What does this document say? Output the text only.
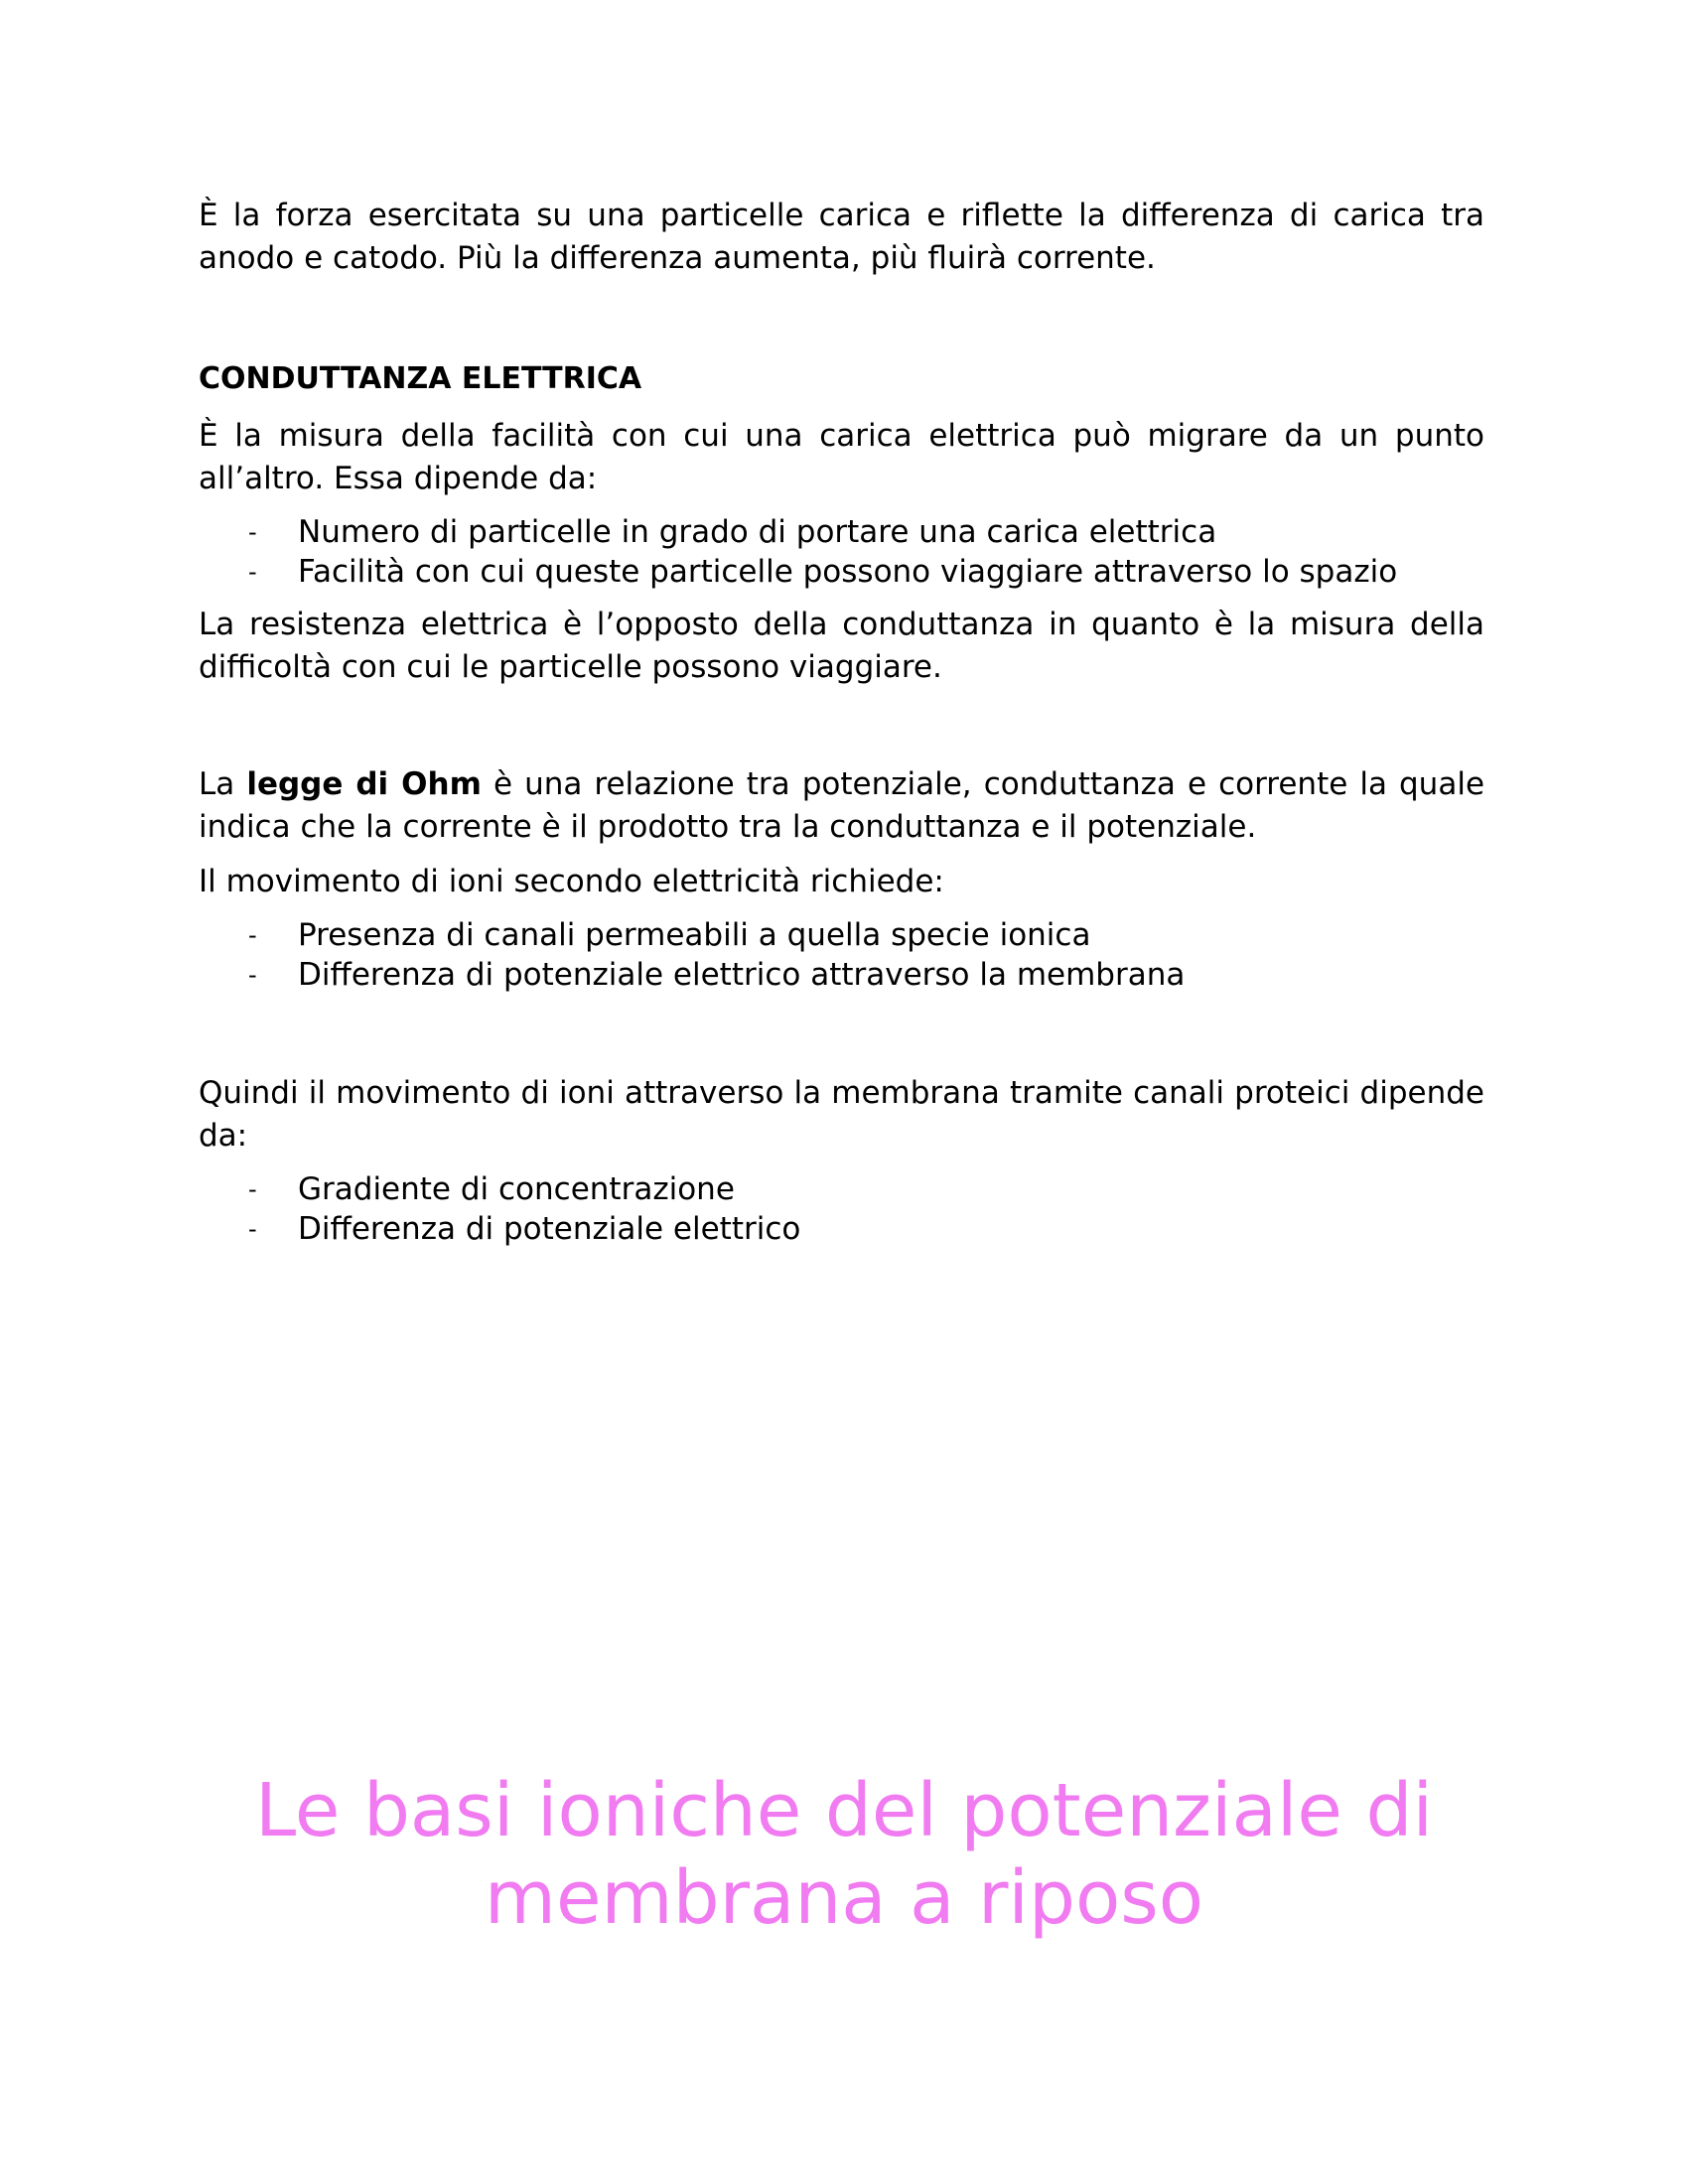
È la forza esercitata su una particelle carica e riflette la differenza di carica tra anodo e catodo. Più la differenza aumenta, più fluirà corrente.

CONDUTTANZA ELETTRICA

È la misura della facilità con cui una carica elettrica può migrare da un punto all’altro. Essa dipende da:

- Numero di particelle in grado di portare una carica elettrica
- Facilità con cui queste particelle possono viaggiare attraverso lo spazio

La resistenza elettrica è l’opposto della conduttanza in quanto è la misura della difficoltà con cui le particelle possono viaggiare.

La legge di Ohm è una relazione tra potenziale, conduttanza e corrente la quale indica che la corrente è il prodotto tra la conduttanza e il potenziale.

Il movimento di ioni secondo elettricità richiede:

- Presenza di canali permeabili a quella specie ionica
- Differenza di potenziale elettrico attraverso la membrana

Quindi il movimento di ioni attraverso la membrana tramite canali proteici dipende da:

- Gradiente di concentrazione
- Differenza di potenziale elettrico
Le basi ioniche del potenziale di
membrana a riposo
